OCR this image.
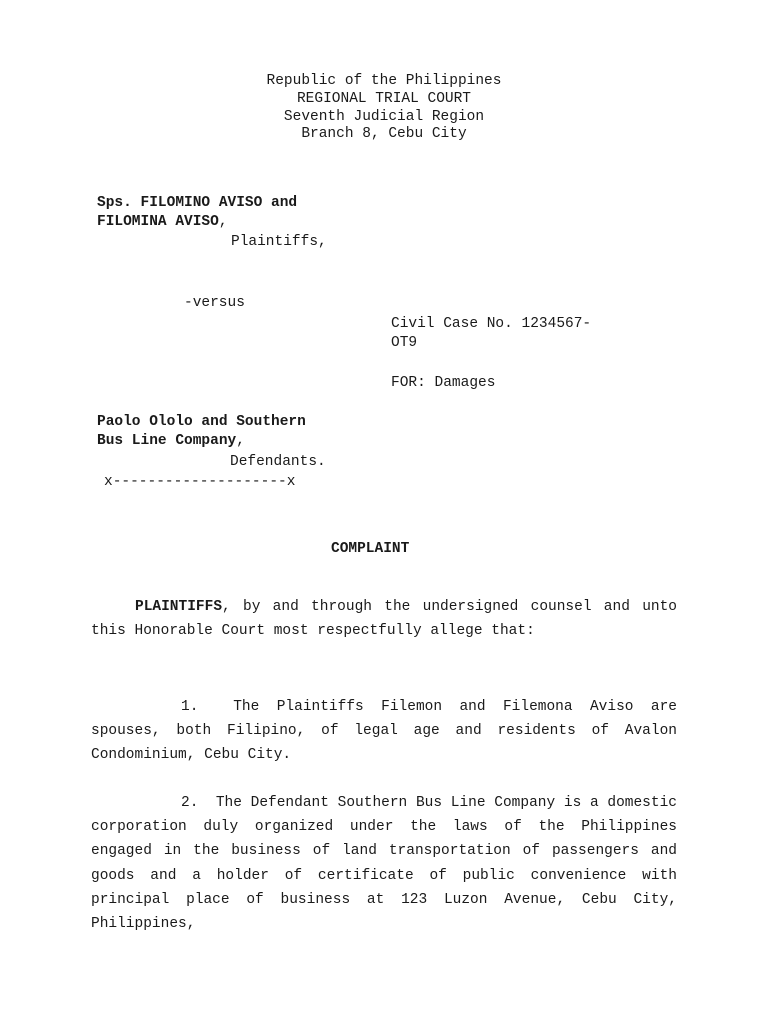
Republic of the Philippines
REGIONAL TRIAL COURT
Seventh Judicial Region
Branch 8, Cebu City
Sps. FILOMINO AVISO and
FILOMINA AVISO,
Plaintiffs,
-versus
Civil Case No. 1234567-
OT9
FOR: Damages
Paolo Ololo and Southern
Bus Line Company,
Defendants.
x--------------------x
COMPLAINT
PLAINTIFFS, by and through the undersigned counsel and unto this Honorable Court most respectfully allege that:
1. The Plaintiffs Filemon and Filemona Aviso are spouses, both Filipino, of legal age and residents of Avalon Condominium, Cebu City.
2. The Defendant Southern Bus Line Company is a domestic corporation duly organized under the laws of the Philippines engaged in the business of land transportation of passengers and goods and a holder of certificate of public convenience with principal place of business at 123 Luzon Avenue, Cebu City, Philippines,
